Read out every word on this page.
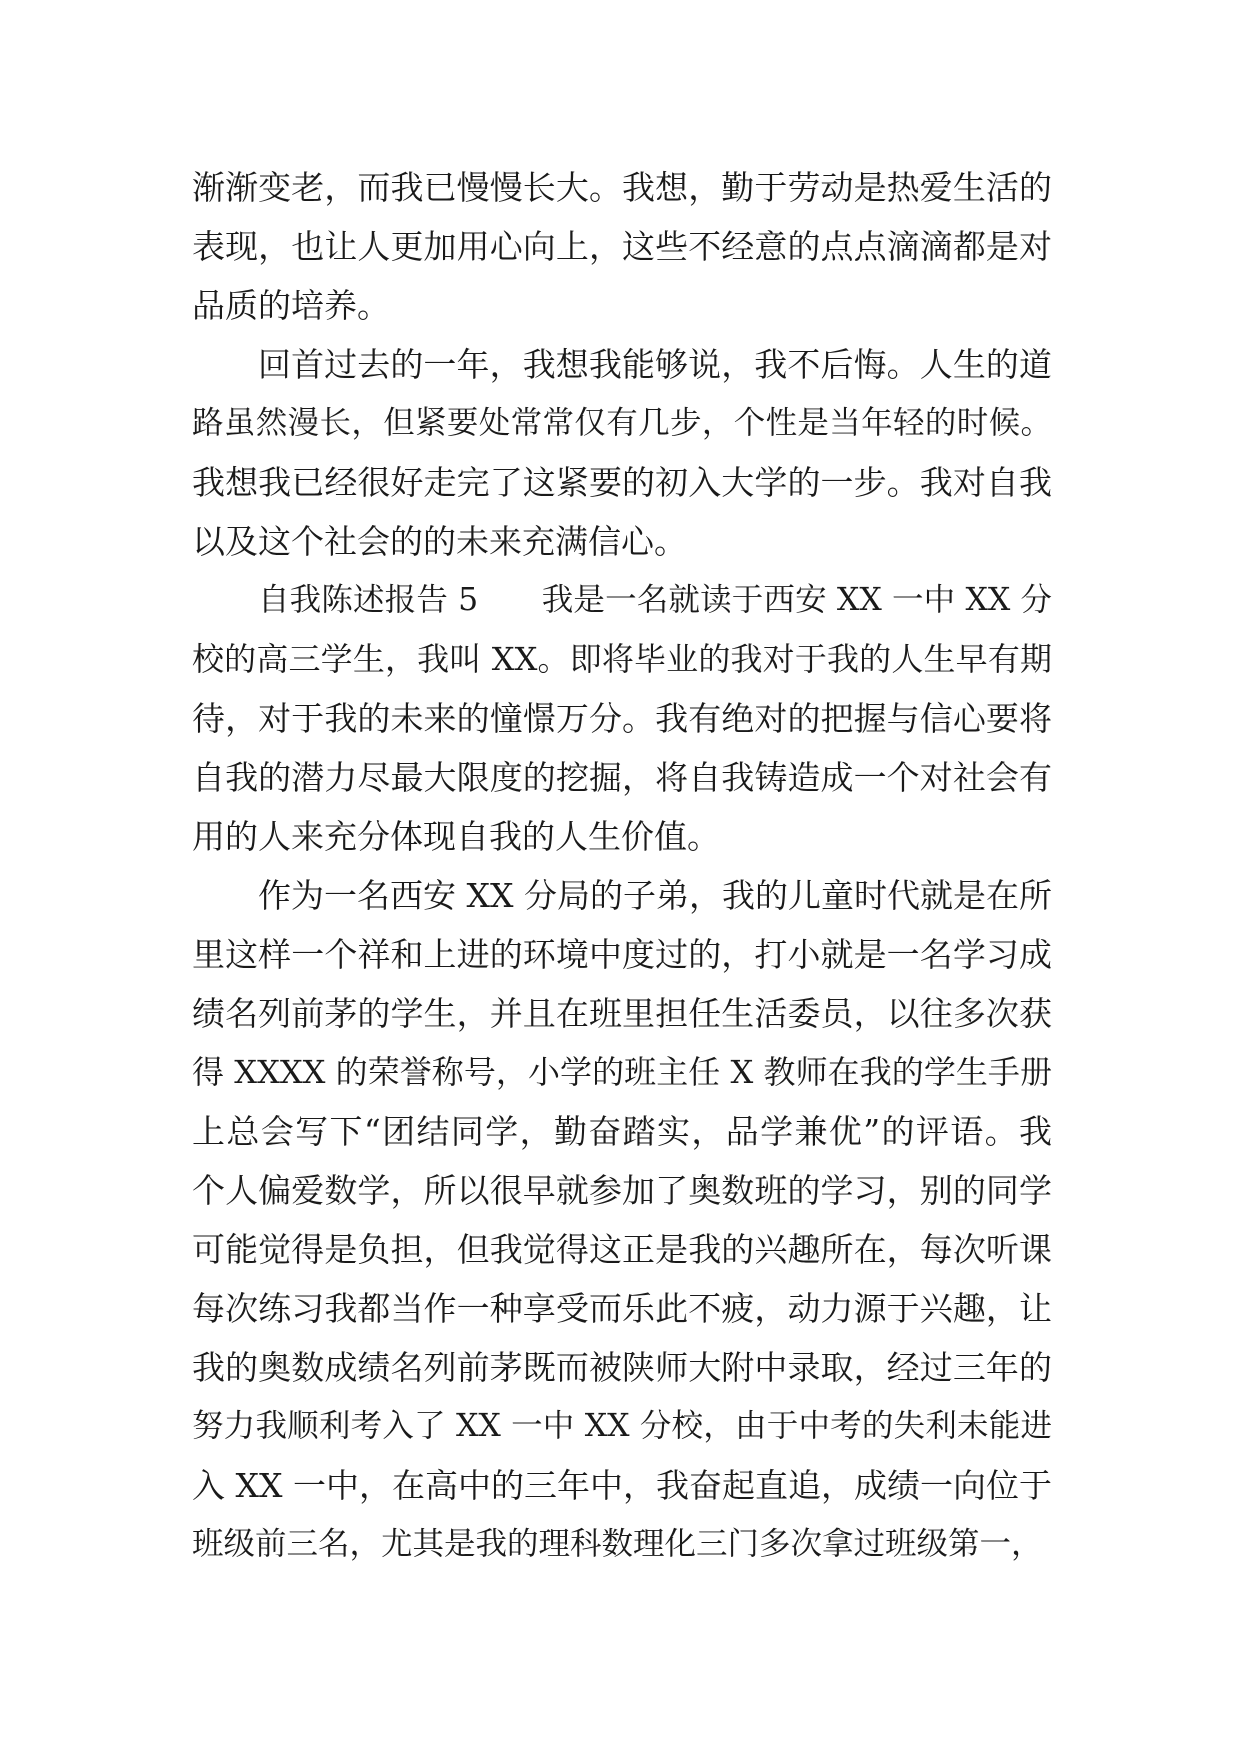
渐渐变老，而我已慢慢长大。我想，勤于劳动是热爱生活的
表现，也让人更加用心向上，这些不经意的点点滴滴都是对
品质的培养。
回首过去的一年，我想我能够说，我不后悔。人生的道
路虽然漫长，但紧要处常常仅有几步，个性是当年轻的时候。
我想我已经很好走完了这紧要的初入大学的一步。我对自我
以及这个社会的的未来充满信心。
自我陈述报告 5　　我是一名就读于西安 XX 一中 XX 分
校的高三学生，我叫 XX。即将毕业的我对于我的人生早有期
待，对于我的未来的憧憬万分。我有绝对的把握与信心要将
自我的潜力尽最大限度的挖掘，将自我铸造成一个对社会有
用的人来充分体现自我的人生价值。
作为一名西安 XX 分局的子弟，我的儿童时代就是在所
里这样一个祥和上进的环境中度过的，打小就是一名学习成
绩名列前茅的学生，并且在班里担任生活委员，以往多次获
得 XXXX 的荣誉称号，小学的班主任 X 教师在我的学生手册
上总会写下“团结同学，勤奋踏实，品学兼优”的评语。我
个人偏爱数学，所以很早就参加了奥数班的学习，别的同学
可能觉得是负担，但我觉得这正是我的兴趣所在，每次听课
每次练习我都当作一种享受而乐此不疲，动力源于兴趣，让
我的奥数成绩名列前茅既而被陕师大附中录取，经过三年的
努力我顺利考入了 XX 一中 XX 分校，由于中考的失利未能进
入 XX 一中，在高中的三年中，我奋起直追，成绩一向位于
班级前三名，尤其是我的理科数理化三门多次拿过班级第一，
